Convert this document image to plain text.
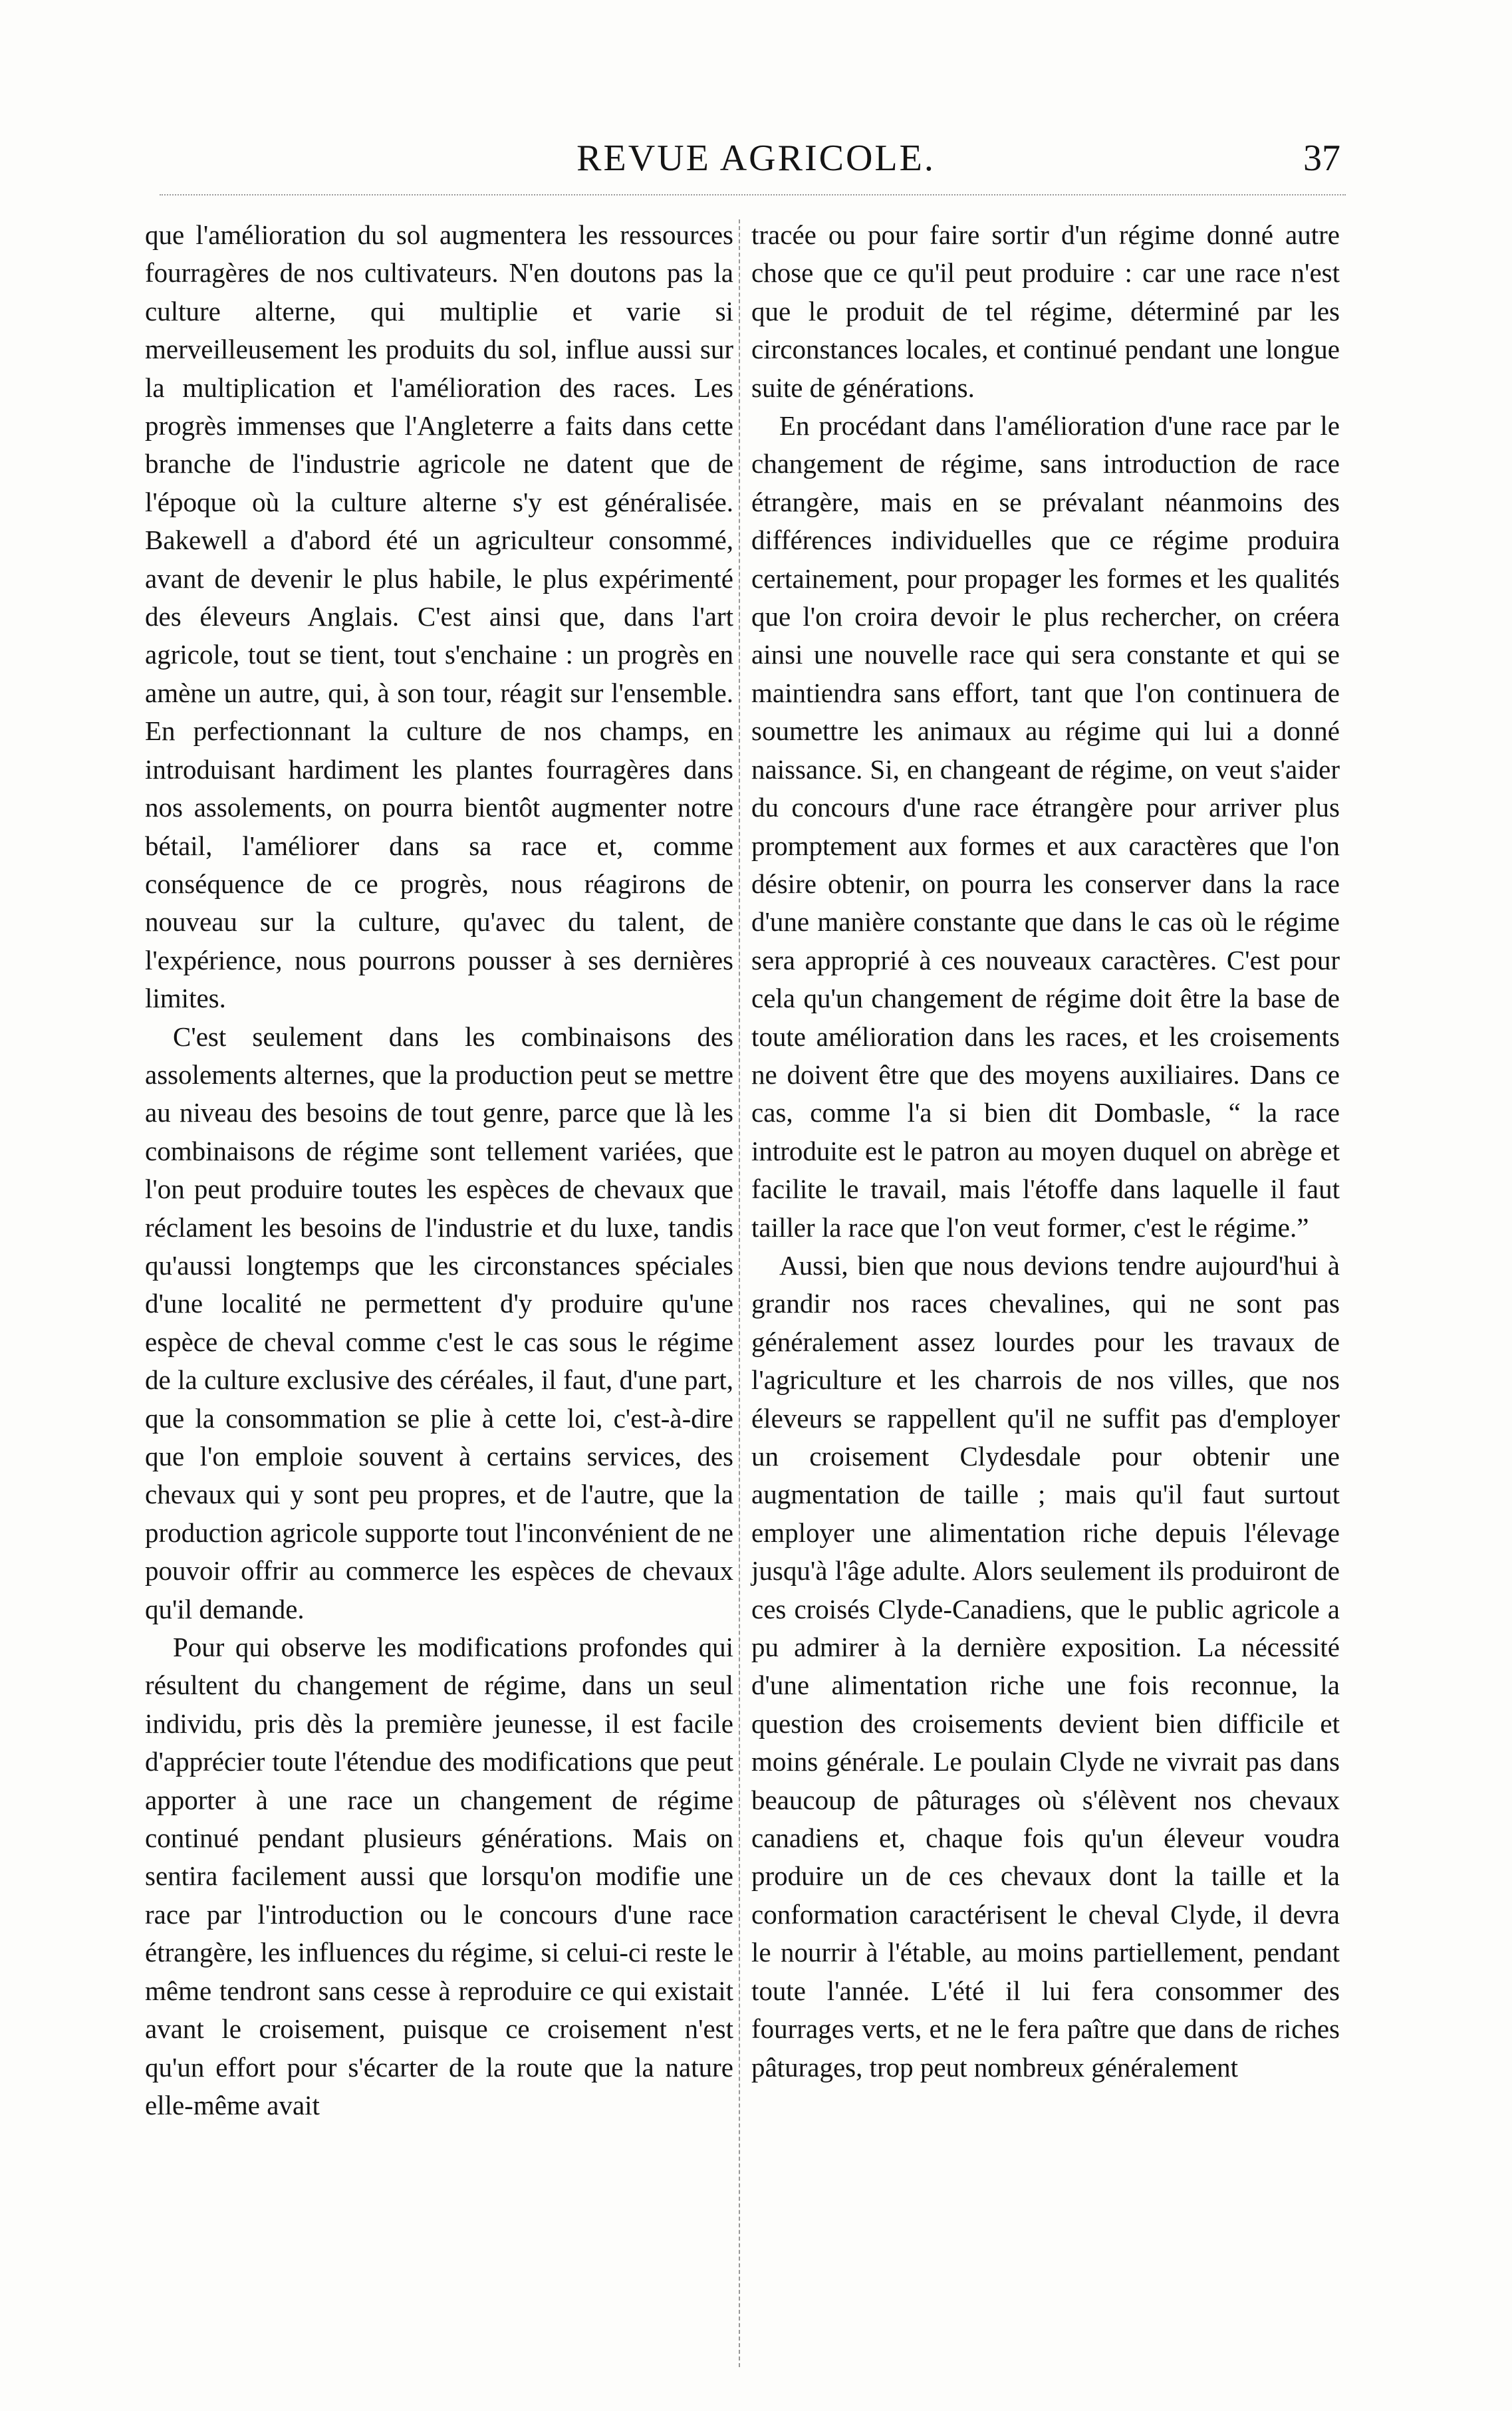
REVUE AGRICOLE.	37

que l'amélioration du sol augmentera les ressources fourragères de nos cultivateurs. N'en doutons pas la culture alterne, qui multiplie et varie si merveilleusement les produits du sol, influe aussi sur la multiplication et l'amélioration des races. Les progrès immenses que l'Angleterre a faits dans cette branche de l'industrie agricole ne datent que de l'époque où la culture alterne s'y est généralisée. Bakewell a d'abord été un agriculteur consommé, avant de devenir le plus habile, le plus expérimenté des éleveurs Anglais. C'est ainsi que, dans l'art agricole, tout se tient, tout s'enchaine : un progrès en amène un autre, qui, à son tour, réagit sur l'ensemble. En perfectionnant la culture de nos champs, en introduisant hardiment les plantes fourragères dans nos assolements, on pourra bientôt augmenter notre bétail, l'améliorer dans sa race et, comme conséquence de ce progrès, nous réagirons de nouveau sur la culture, qu'avec du talent, de l'expérience, nous pourrons pousser à ses dernières limites.

C'est seulement dans les combinaisons des assolements alternes, que la production peut se mettre au niveau des besoins de tout genre, parce que là les combinaisons de régime sont tellement variées, que l'on peut produire toutes les espèces de chevaux que réclament les besoins de l'industrie et du luxe, tandis qu'aussi longtemps que les circonstances spéciales d'une localité ne permettent d'y produire qu'une espèce de cheval comme c'est le cas sous le régime de la culture exclusive des céréales, il faut, d'une part, que la consommation se plie à cette loi, c'est-à-dire que l'on emploie souvent à certains services, des chevaux qui y sont peu propres, et de l'autre, que la production agricole supporte tout l'inconvénient de ne pouvoir offrir au commerce les espèces de chevaux qu'il demande.

Pour qui observe les modifications profondes qui résultent du changement de régime, dans un seul individu, pris dès la première jeunesse, il est facile d'apprécier toute l'étendue des modifications que peut apporter à une race un changement de régime continué pendant plusieurs générations. Mais on sentira facilement aussi que lorsqu'on modifie une race par l'introduction ou le concours d'une race étrangère, les influences du régime, si celui-ci reste le même tendront sans cesse à reproduire ce qui existait avant le croisement, puisque ce croisement n'est qu'un effort pour s'écarter de la route que la nature elle-même avait

tracée ou pour faire sortir d'un régime donné autre chose que ce qu'il peut produire : car une race n'est que le produit de tel régime, déterminé par les circonstances locales, et continué pendant une longue suite de générations.

En procédant dans l'amélioration d'une race par le changement de régime, sans introduction de race étrangère, mais en se prévalant néanmoins des différences individuelles que ce régime produira certainement, pour propager les formes et les qualités que l'on croira devoir le plus rechercher, on créera ainsi une nouvelle race qui sera constante et qui se maintiendra sans effort, tant que l'on continuera de soumettre les animaux au régime qui lui a donné naissance. Si, en changeant de régime, on veut s'aider du concours d'une race étrangère pour arriver plus promptement aux formes et aux caractères que l'on désire obtenir, on pourra les conserver dans la race d'une manière constante que dans le cas où le régime sera approprié à ces nouveaux caractères. C'est pour cela qu'un changement de régime doit être la base de toute amélioration dans les races, et les croisements ne doivent être que des moyens auxiliaires. Dans ce cas, comme l'a si bien dit Dombasle, “ la race introduite est le patron au moyen duquel on abrège et facilite le travail, mais l'étoffe dans laquelle il faut tailler la race que l'on veut former, c'est le régime.”

Aussi, bien que nous devions tendre aujourd'hui à grandir nos races chevalines, qui ne sont pas généralement assez lourdes pour les travaux de l'agriculture et les charrois de nos villes, que nos éleveurs se rappellent qu'il ne suffit pas d'employer un croisement Clydesdale pour obtenir une augmentation de taille ; mais qu'il faut surtout employer une alimentation riche depuis l'élevage jusqu'à l'âge adulte. Alors seulement ils produiront de ces croisés Clyde-Canadiens, que le public agricole a pu admirer à la dernière exposition. La nécessité d'une alimentation riche une fois reconnue, la question des croisements devient bien difficile et moins générale. Le poulain Clyde ne vivrait pas dans beaucoup de pâturages où s'élèvent nos chevaux canadiens et, chaque fois qu'un éleveur voudra produire un de ces chevaux dont la taille et la conformation caractérisent le cheval Clyde, il devra le nourrir à l'étable, au moins partiellement, pendant toute l'année. L'été il lui fera consommer des fourrages verts, et ne le fera paître que dans de riches pâturages, trop peut nombreux généralement
